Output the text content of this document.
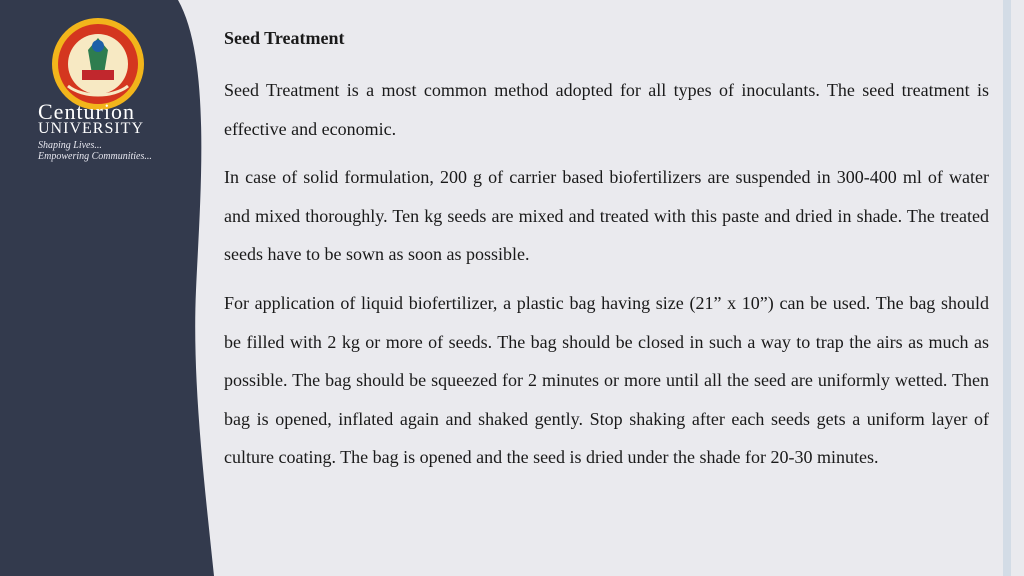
Centurion
UNIVERSITY
Shaping Lives...
Empowering Communities...
Seed Treatment

Seed Treatment is a most common method adopted for all types of inoculants. The seed treatment is effective and economic.

In case of solid formulation, 200 g of carrier based biofertilizers are suspended in 300-400 ml of water and mixed thoroughly. Ten kg seeds are mixed and treated with this paste and dried in shade. The treated seeds have to be sown as soon as possible.

For application of liquid biofertilizer, a plastic bag having size (21” x 10”) can be used. The bag should be filled with 2 kg or more of seeds. The bag should be closed in such a way to trap the airs as much as possible. The bag should be squeezed for 2 minutes or more until all the seed are uniformly wetted. Then bag is opened, inflated again and shaked gently. Stop shaking after each seeds gets a uniform layer of culture coating. The bag is opened and the seed is dried under the shade for 20-30 minutes.
